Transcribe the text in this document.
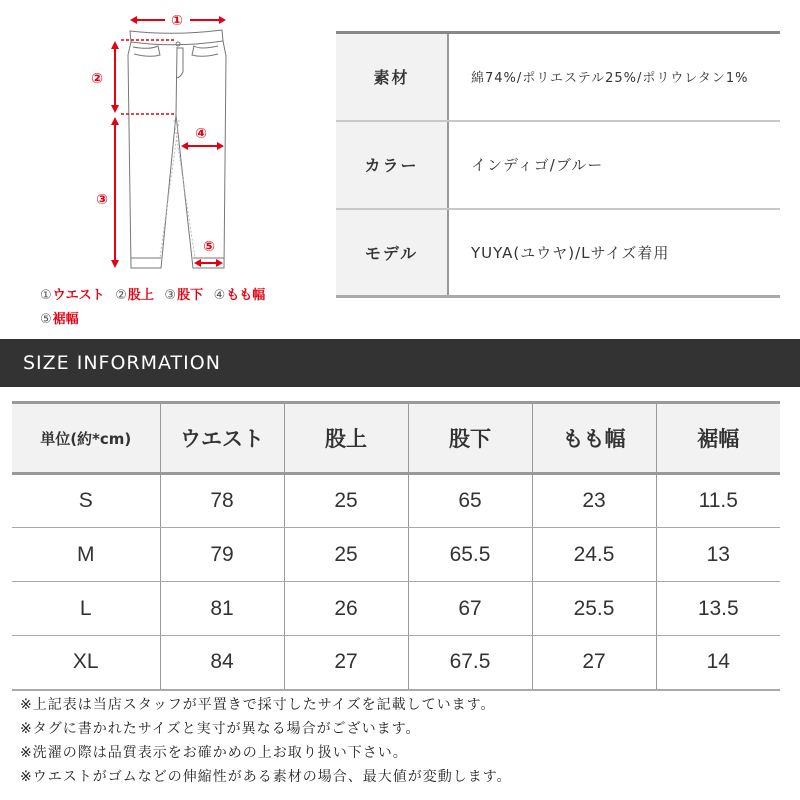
①
②
③
④
⑤
①ウエスト ②股上 ③股下 ④もも幅
⑤裾幅
素材	綿74%/ポリエステル25%/ポリウレタン1%
カラー	インディゴ/ブルー
モデル	YUYA(ユウヤ)/Lサイズ着用
SIZE INFORMATION
単位(約*cm)	ウエスト	股上	股下	もも幅	裾幅
S	78	25	65	23	11.5
M	79	25	65.5	24.5	13
L	81	26	67	25.5	13.5
XL	84	27	67.5	27	14
※上記表は当店スタッフが平置きで採寸したサイズを記載しています。
※タグに書かれたサイズと実寸が異なる場合がございます。
※洗濯の際は品質表示をお確かめの上お取り扱い下さい。
※ウエストがゴムなどの伸縮性がある素材の場合、最大値が変動します。
